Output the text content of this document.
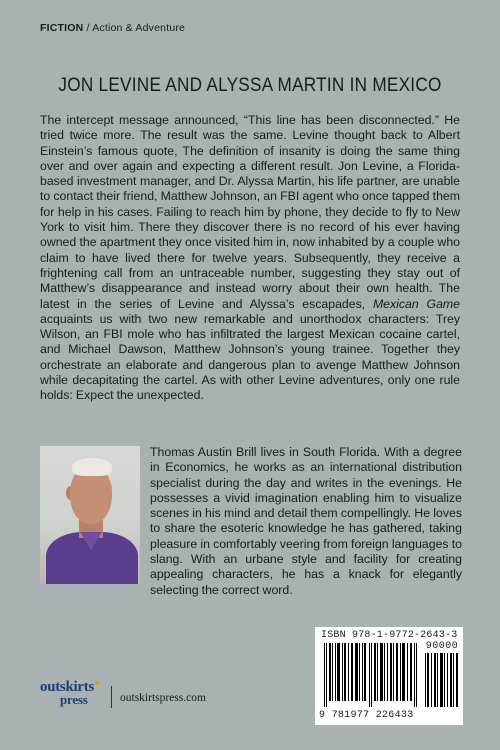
FICTION / Action & Adventure
JON LEVINE AND ALYSSA MARTIN IN MEXICO
The intercept message announced, “This line has been disconnected.” He tried twice more. The result was the same. Levine thought back to Albert Einstein’s famous quote, The definition of insanity is doing the same thing over and over again and expecting a different result. Jon Levine, a Florida-based investment manager, and Dr. Alyssa Martin, his life partner, are unable to contact their friend, Matthew Johnson, an FBI agent who once tapped them for help in his cases. Failing to reach him by phone, they decide to fly to New York to visit him. There they discover there is no record of his ever having owned the apartment they once visited him in, now inhabited by a couple who claim to have lived there for twelve years. Subsequently, they receive a frightening call from an untraceable number, suggesting they stay out of Matthew’s disappearance and instead worry about their own health. The latest in the series of Levine and Alyssa’s escapades, Mexican Game acquaints us with two new remarkable and unorthodox characters: Trey Wilson, an FBI mole who has infiltrated the largest Mexican cocaine cartel, and Michael Dawson, Matthew Johnson’s young trainee. Together they orchestrate an elaborate and dangerous plan to avenge Matthew Johnson while decapitating the cartel. As with other Levine adventures, only one rule holds: Expect the unexpected.
Thomas Austin Brill lives in South Florida. With a degree in Economics, he works as an international distribution specialist during the day and writes in the evenings. He possesses a vivid imagination enabling him to visualize scenes in his mind and detail them compellingly. He loves to share the esoteric knowledge he has gathered, taking pleasure in comfortably veering from foreign languages to slang. With an urbane style and facility for creating appealing characters, he has a knack for elegantly selecting the correct word.
ISBN 978-1-9772-2643-3
90000
9 781977 226433
outskirts
press	outskirtspress.com
